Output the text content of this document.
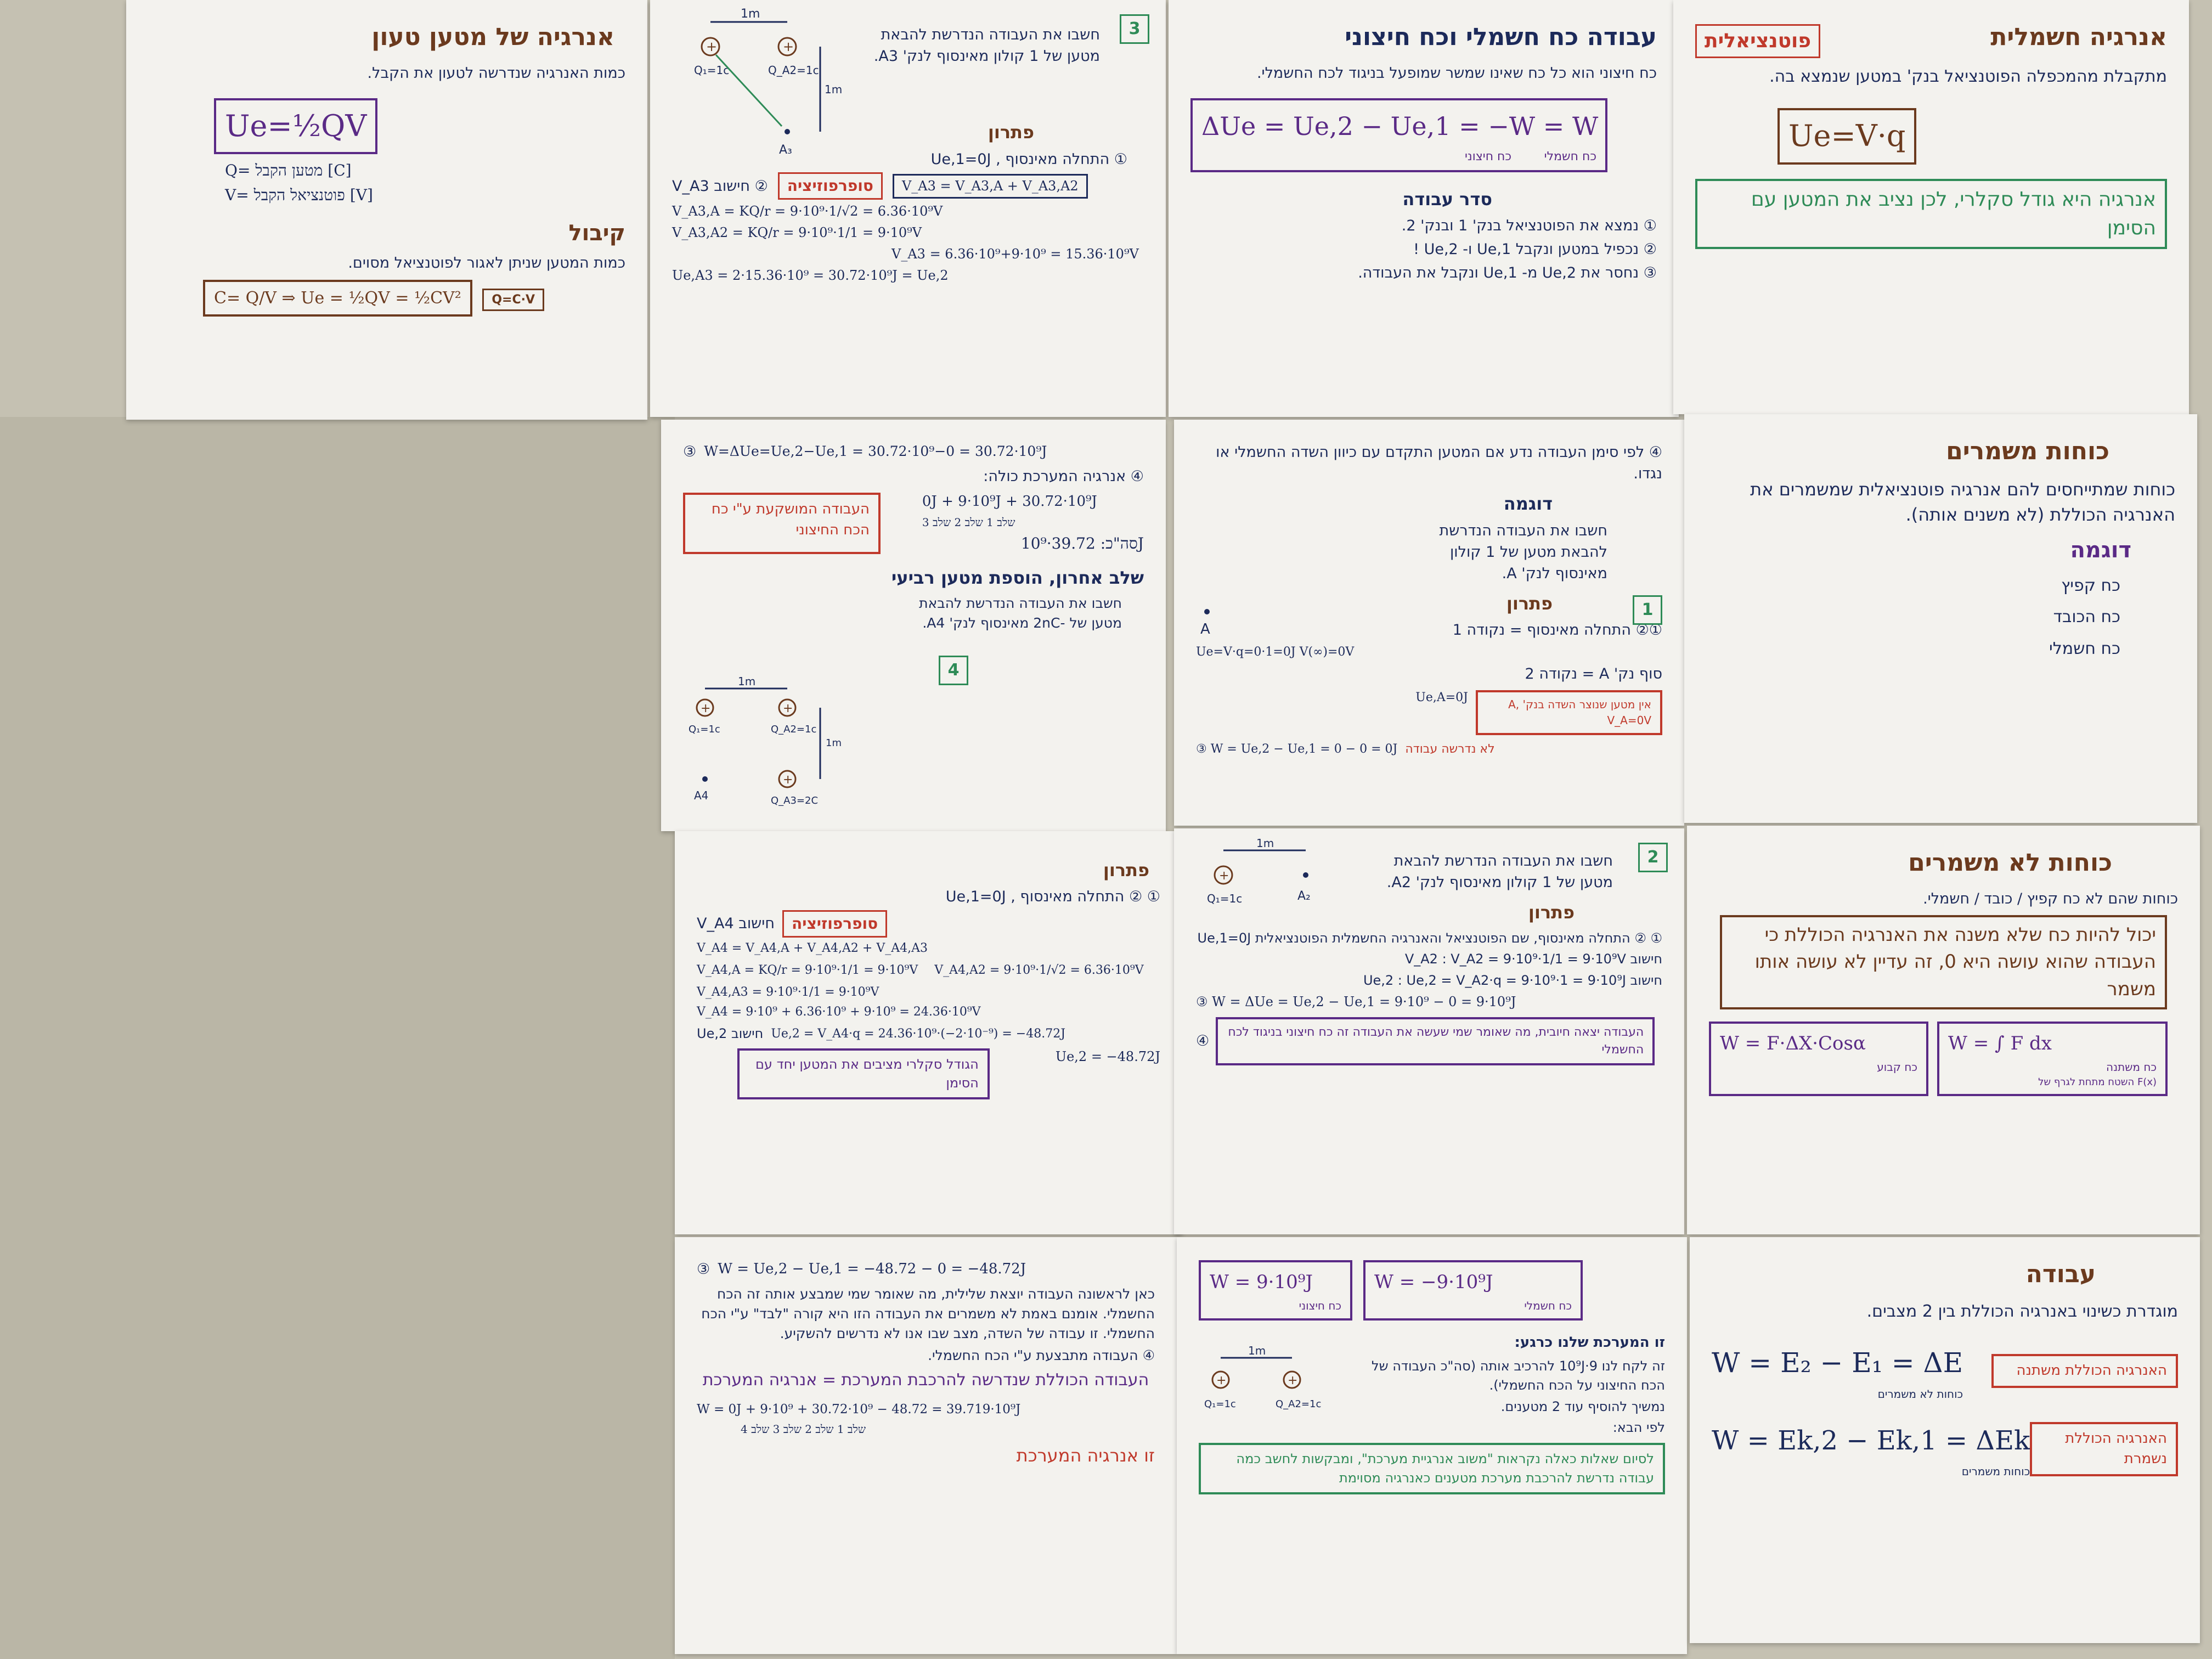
אנרגיה של מטען טעון
כמות האנרגיה שנדרשה לטעון את הקבל.
Ue=½QV
Q= מטען הקבל [C]
V= פוטנציאל הקבל [V]
קיבול
כמות המטען שניתן לאגור לפוטנציאל מסוים.
C= Q/V ⇒ Ue = ½QV = ½CV²	Q=C·V
3
1m
+	+
Q₁=1c	Q_A2=1c
A₃
1m
חשבו את העבודה הנדרשת להבאת מטען של 1 קולון מאינסוף לנק' A3.
פתרון
① התחלה מאינסוף , Ue,1=0J
② חישוב V_A3	סופרפוזיציה	V_A3 = V_A3,A + V_A3,A2
V_A3,A = KQ/r = 9·10⁹·1/√2 = 6.36·10⁹V
V_A3,A2 = KQ/r = 9·10⁹·1/1 = 9·10⁹V
V_A3 = 6.36·10⁹+9·10⁹ = 15.36·10⁹V
Ue,A3 = 2·15.36·10⁹ = 30.72·10⁹J = Ue,2
עבודה כח חשמלי וכח חיצוני
כח חיצוני הוא כל כח שאינו שמשר שמופעל בניגוד לכח החשמלי.
ΔUe = Ue,2 − Ue,1 = −W = W
כח חיצוני	כח חשמלי
סדר עבודה
① נמצא את הפוטנציאל בנק' 1 ובנק' 2.
② נכפיל במטען ונקבל Ue,1 ו- Ue,2 !
③ נחסר את Ue,2 מ- Ue,1 ונקבל את העבודה.
אנרגיה חשמלית
פוטנציאלית
מתקבלת מהמכפלה הפוטנציאל בנק' במטען שנמצא בה.
Ue=V·q
אנרגיה היא גודל סקלרי, לכן נציב את המטען עם הסימן
③ W=ΔUe=Ue,2−Ue,1 = 30.72·10⁹−0 = 30.72·10⁹J
④ אנרגיה המערכת כולה:
העבודה המושקעת ע"י כח הכח החיצוני
0J + 9·10⁹J + 30.72·10⁹J
שלב 1 שלב 2 שלב 3
סה"כ: 39.72·10⁹J
שלב אחרון, הוספת מטען רביעי
4
חשבו את העבודה הנדרשת להבאת מטען של -2nC מאינסוף לנק' A4.
1m
+	+
Q₁=1c	Q_A2=1c
A4
+
Q_A3=2C
1m
④ לפי סימן העבודה נדע אם המטען התקדם עם כיוון השדה החשמלי או נגדו.
דוגמה
1
חשבו את העבודה הנדרשת להבאת מטען של 1 קולון מאינסוף לנק' A.
A
פתרון
①② התחלה מאינסוף = נקודה 1
Ue=V·q=0·1=0J V(∞)=0V
סוף נק' A = נקודה 2
אין מטען שנוצר השדה בנק' A, V_A=0V
Ue,A=0J
③ W = Ue,2 − Ue,1 = 0 − 0 = 0J לא נדרשה עבודה
כוחות משמרים
כוחות שמתייחסים להם אנרגיה פוטנציאלית שמשמרים את האנרגיה הכוללת (לא משנים אותה).
דוגמה
כח קפיץ
כח הכובד
כח חשמלי
פתרון
① ② התחלה מאינסוף , Ue,1=0J
חישוב V_A4	סופרפוזיציה
V_A4 = V_A4,A + V_A4,A2 + V_A4,A3
V_A4,A = KQ/r = 9·10⁹·1/1 = 9·10⁹V V_A4,A2 = 9·10⁹·1/√2 = 6.36·10⁹V
V_A4,A3 = 9·10⁹·1/1 = 9·10⁹V
V_A4 = 9·10⁹ + 6.36·10⁹ + 9·10⁹ = 24.36·10⁹V
חישוב Ue,2 Ue,2 = V_A4·q = 24.36·10⁹·(−2·10⁻⁹) = −48.72J
Ue,2 = −48.72J
הגודל סקלרי מציבים את המטען יחד עם הסימן
2
1m
+
Q₁=1c	A₂
חשבו את העבודה הנדרשת להבאת מטען של 1 קולון מאינסוף לנק' A2.
פתרון
① ② התחלה מאינסוף, שם הפוטנציאל והאנרגיה החשמלית הפוטנציאלית Ue,1=0J
חישוב V_A2 : V_A2 = 9·10⁹·1/1 = 9·10⁹V
חישוב Ue,2 : Ue,2 = V_A2·q = 9·10⁹·1 = 9·10⁹J
③ W = ΔUe = Ue,2 − Ue,1 = 9·10⁹ − 0 = 9·10⁹J
④
העבודה יצאה חיובית, מה שאומר שמי שעשה את העבודה זה כח חיצוני בניגוד לכח החשמלי
כוחות לא משמרים
כוחות שהם לא כח קפיץ / כובד / חשמלי.
יכול להיות כח שלא משנה את האנרגיה הכוללת כי העבודה שהוא עושה היא 0, זה עדיין לא עושה אותו משמר
W = F·ΔX·Cosα
כח קבוע
W = ∫ F dx
כח משתנה
השטח מתחת לגרף של F(x)
③ W = Ue,2 − Ue,1 = −48.72 − 0 = −48.72J
כאן לראשונה העבודה יוצאת שלילית, מה שאומר שמי שמבצע אותה זה הכח החשמלי. אומנם באמת לא משמרים את העבודה הזו היא קורה "לבד" ע"י הכח החשמלי. זו עבודה של השדה, מצב שבו אנו לא נדרשים להשקיע.
④ העבודה מתבצעת ע"י הכח החשמלי.
העבודה הכוללת שנדרשה להרכבת המערכת = אנרגיה המערכת
W = 0J + 9·10⁹ + 30.72·10⁹ − 48.72 = 39.719·10⁹J
שלב 1 שלב 2 שלב 3 שלב 4
זו אנרגיה המערכת
W = 9·10⁹J
כח חיצוני
W = −9·10⁹J
כח חשמלי
זו המערכת שלנו כרגע:
1m
+	+
Q₁=1c	Q_A2=1c
זה לקח לנו 9·10⁹J להרכיב אותה (סה"כ העבודה של הכח החיצוני על הכח החשמלי).
נמשיך להוסיף עוד 2 מטענים.
לפי הבא:
לסיום שאלות כאלה נקראות "משוב אנרגיית מערכת", ומבקשות לחשב כמה עבודה נדרשת להרכבת מערכת מטענים כאנרגיה מסוימת
עבודה
מוגדרת כשינוי באנרגיה הכוללת בין 2 מצבים.
W = E₂ − E₁ = ΔE
כוחות לא משמרים
האנרגיה הכוללת משתנה
W = Ek,2 − Ek,1 = ΔEk
כוחות משמרים
האנרגיה הכוללת נשמרת
